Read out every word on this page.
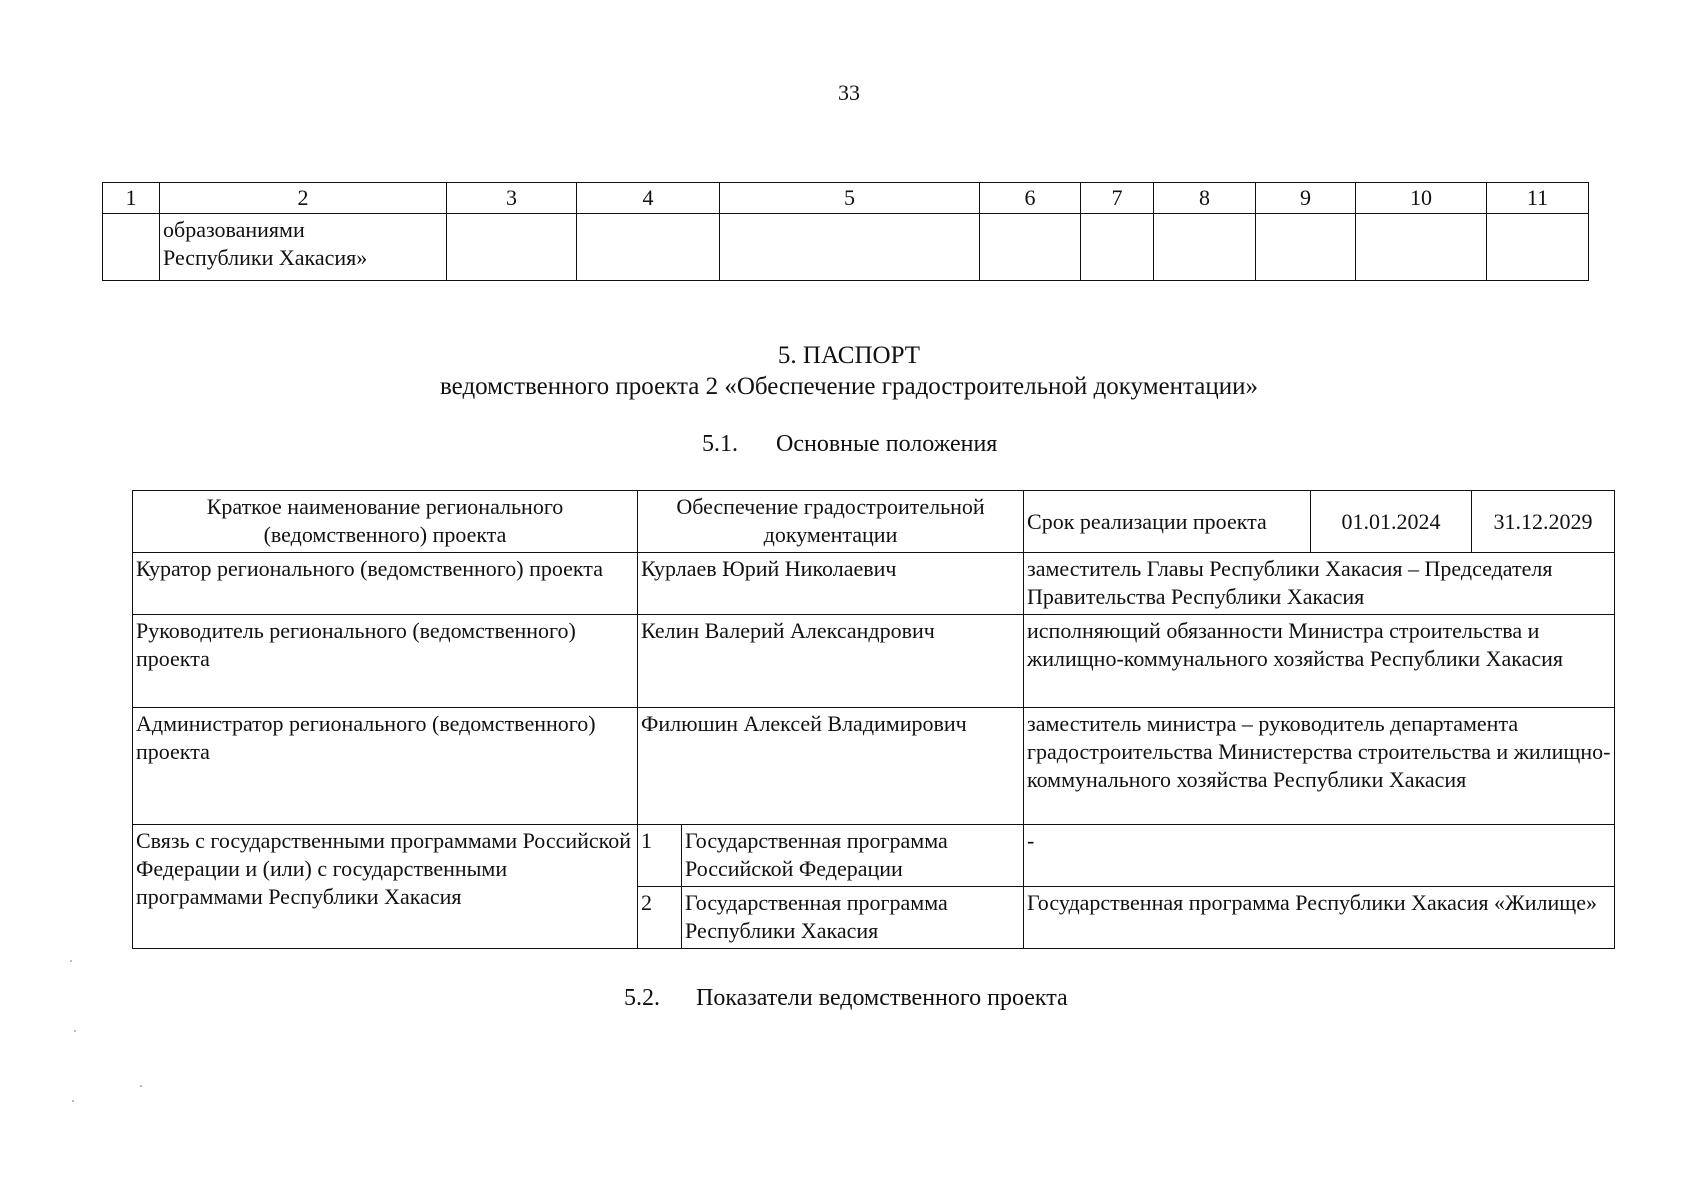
33
1	2	3	4	5	6	7	8	9	10	11

	образованиями
Республики Хакасия»									

5. ПАСПОРТ
ведомственного проекта 2 «Обеспечение градостроительной документации»
5.1. Основные положения
Краткое наименование регионального (ведомственного) проекта	Обеспечение градостроительной документации		Срок реализации проекта	01.01.2024	31.12.2029
Куратор регионального (ведомственного) проекта	Курлаев Юрий Николаевич		заместитель Главы Республики Хакасия – Председателя Правительства Республики Хакасия		
Руководитель регионального (ведомственного) проекта	Келин Валерий Александрович		исполняющий обязанности Министра строительства и жилищно-коммунального хозяйства Республики Хакасия		
Администратор регионального (ведомственного) проекта	Филюшин Алексей Владимирович		заместитель министра – руководитель департамента градостроительства Министерства строительства и жилищно-коммунального хозяйства Республики Хакасия		
Связь с государственными программами Российской Федерации и (или) с государственными программами Республики Хакасия	1	Государственная программа Российской Федерации	-		
	2	Государственная программа Республики Хакасия	Государственная программа Республики Хакасия «Жилище»		
5.2. Показатели ведомственного проекта
